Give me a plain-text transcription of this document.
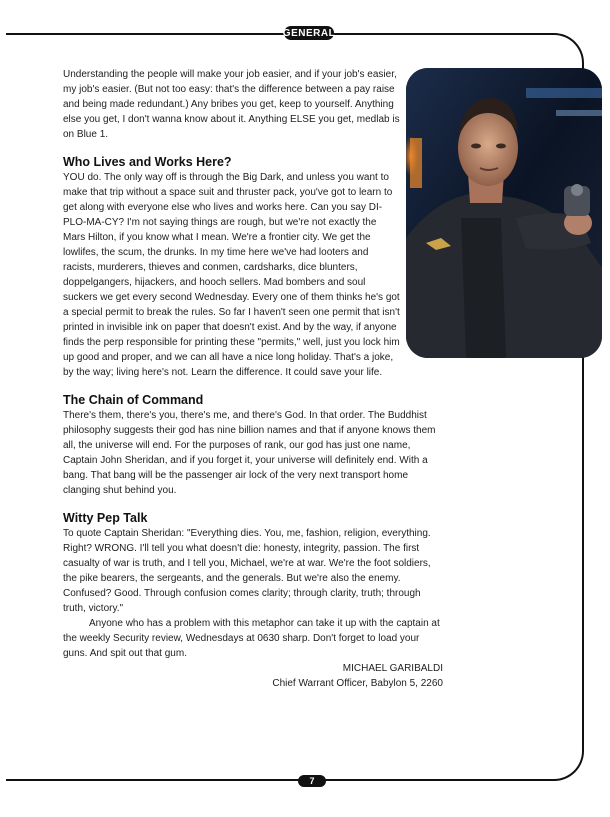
GENERAL

Understanding the people will make your job easier, and if your job's easier, my job's easier. (But not too easy: that's the difference between a pay raise and being made redundant.) Any bribes you get, keep to yourself. Anything else you get, I don't wanna know about it. Anything ELSE you get, medlab is on Blue 1.

Who Lives and Works Here?

YOU do. The only way off is through the Big Dark, and unless you want to make that trip without a space suit and thruster pack, you've got to learn to get along with everyone else who lives and works here. Can you say DI-PLO-MA-CY? I'm not saying things are rough, but we're not exactly the Mars Hilton, if you know what I mean. We're a frontier city. We get the lowlifes, the scum, the drunks. In my time here we've had looters and racists, murderers, thieves and conmen, cardsharks, dice blunters, doppelgangers, hijackers, and hooch sellers. Mad bombers and soul suckers we get every second Wednesday. Every one of them thinks he's got a special permit to break the rules. So far I haven't seen one permit that isn't printed in invisible ink on paper that doesn't exist. And by the way, if anyone finds the perp responsible for printing these "permits," well, just you lock him up good and proper, and we can all have a nice long holiday. That's a joke, by the way; living here's not. Learn the difference. It could save your life.

The Chain of Command

There's them, there's you, there's me, and there's God. In that order. The Buddhist philosophy suggests their god has nine billion names and that if anyone knows them all, the universe will end. For the purposes of rank, our god has just one name, Captain John Sheridan, and if you forget it, your universe will definitely end. With a bang. That bang will be the passenger air lock of the very next transport home clanging shut behind you.

Witty Pep Talk

To quote Captain Sheridan: "Everything dies. You, me, fashion, religion, everything. Right? WRONG. I'll tell you what doesn't die: honesty, integrity, passion. The first casualty of war is truth, and I tell you, Michael, we're at war. We're the foot soldiers, the pike bearers, the sergeants, and the generals. But we're also the enemy. Confused? Good. Through confusion comes clarity; through clarity, truth; through truth, victory."

Anyone who has a problem with this metaphor can take it up with the captain at the weekly Security review, Wednesdays at 0630 sharp. Don't forget to load your guns. And spit out that gum.

MICHAEL GARIBALDI

Chief Warrant Officer, Babylon 5, 2260

7
